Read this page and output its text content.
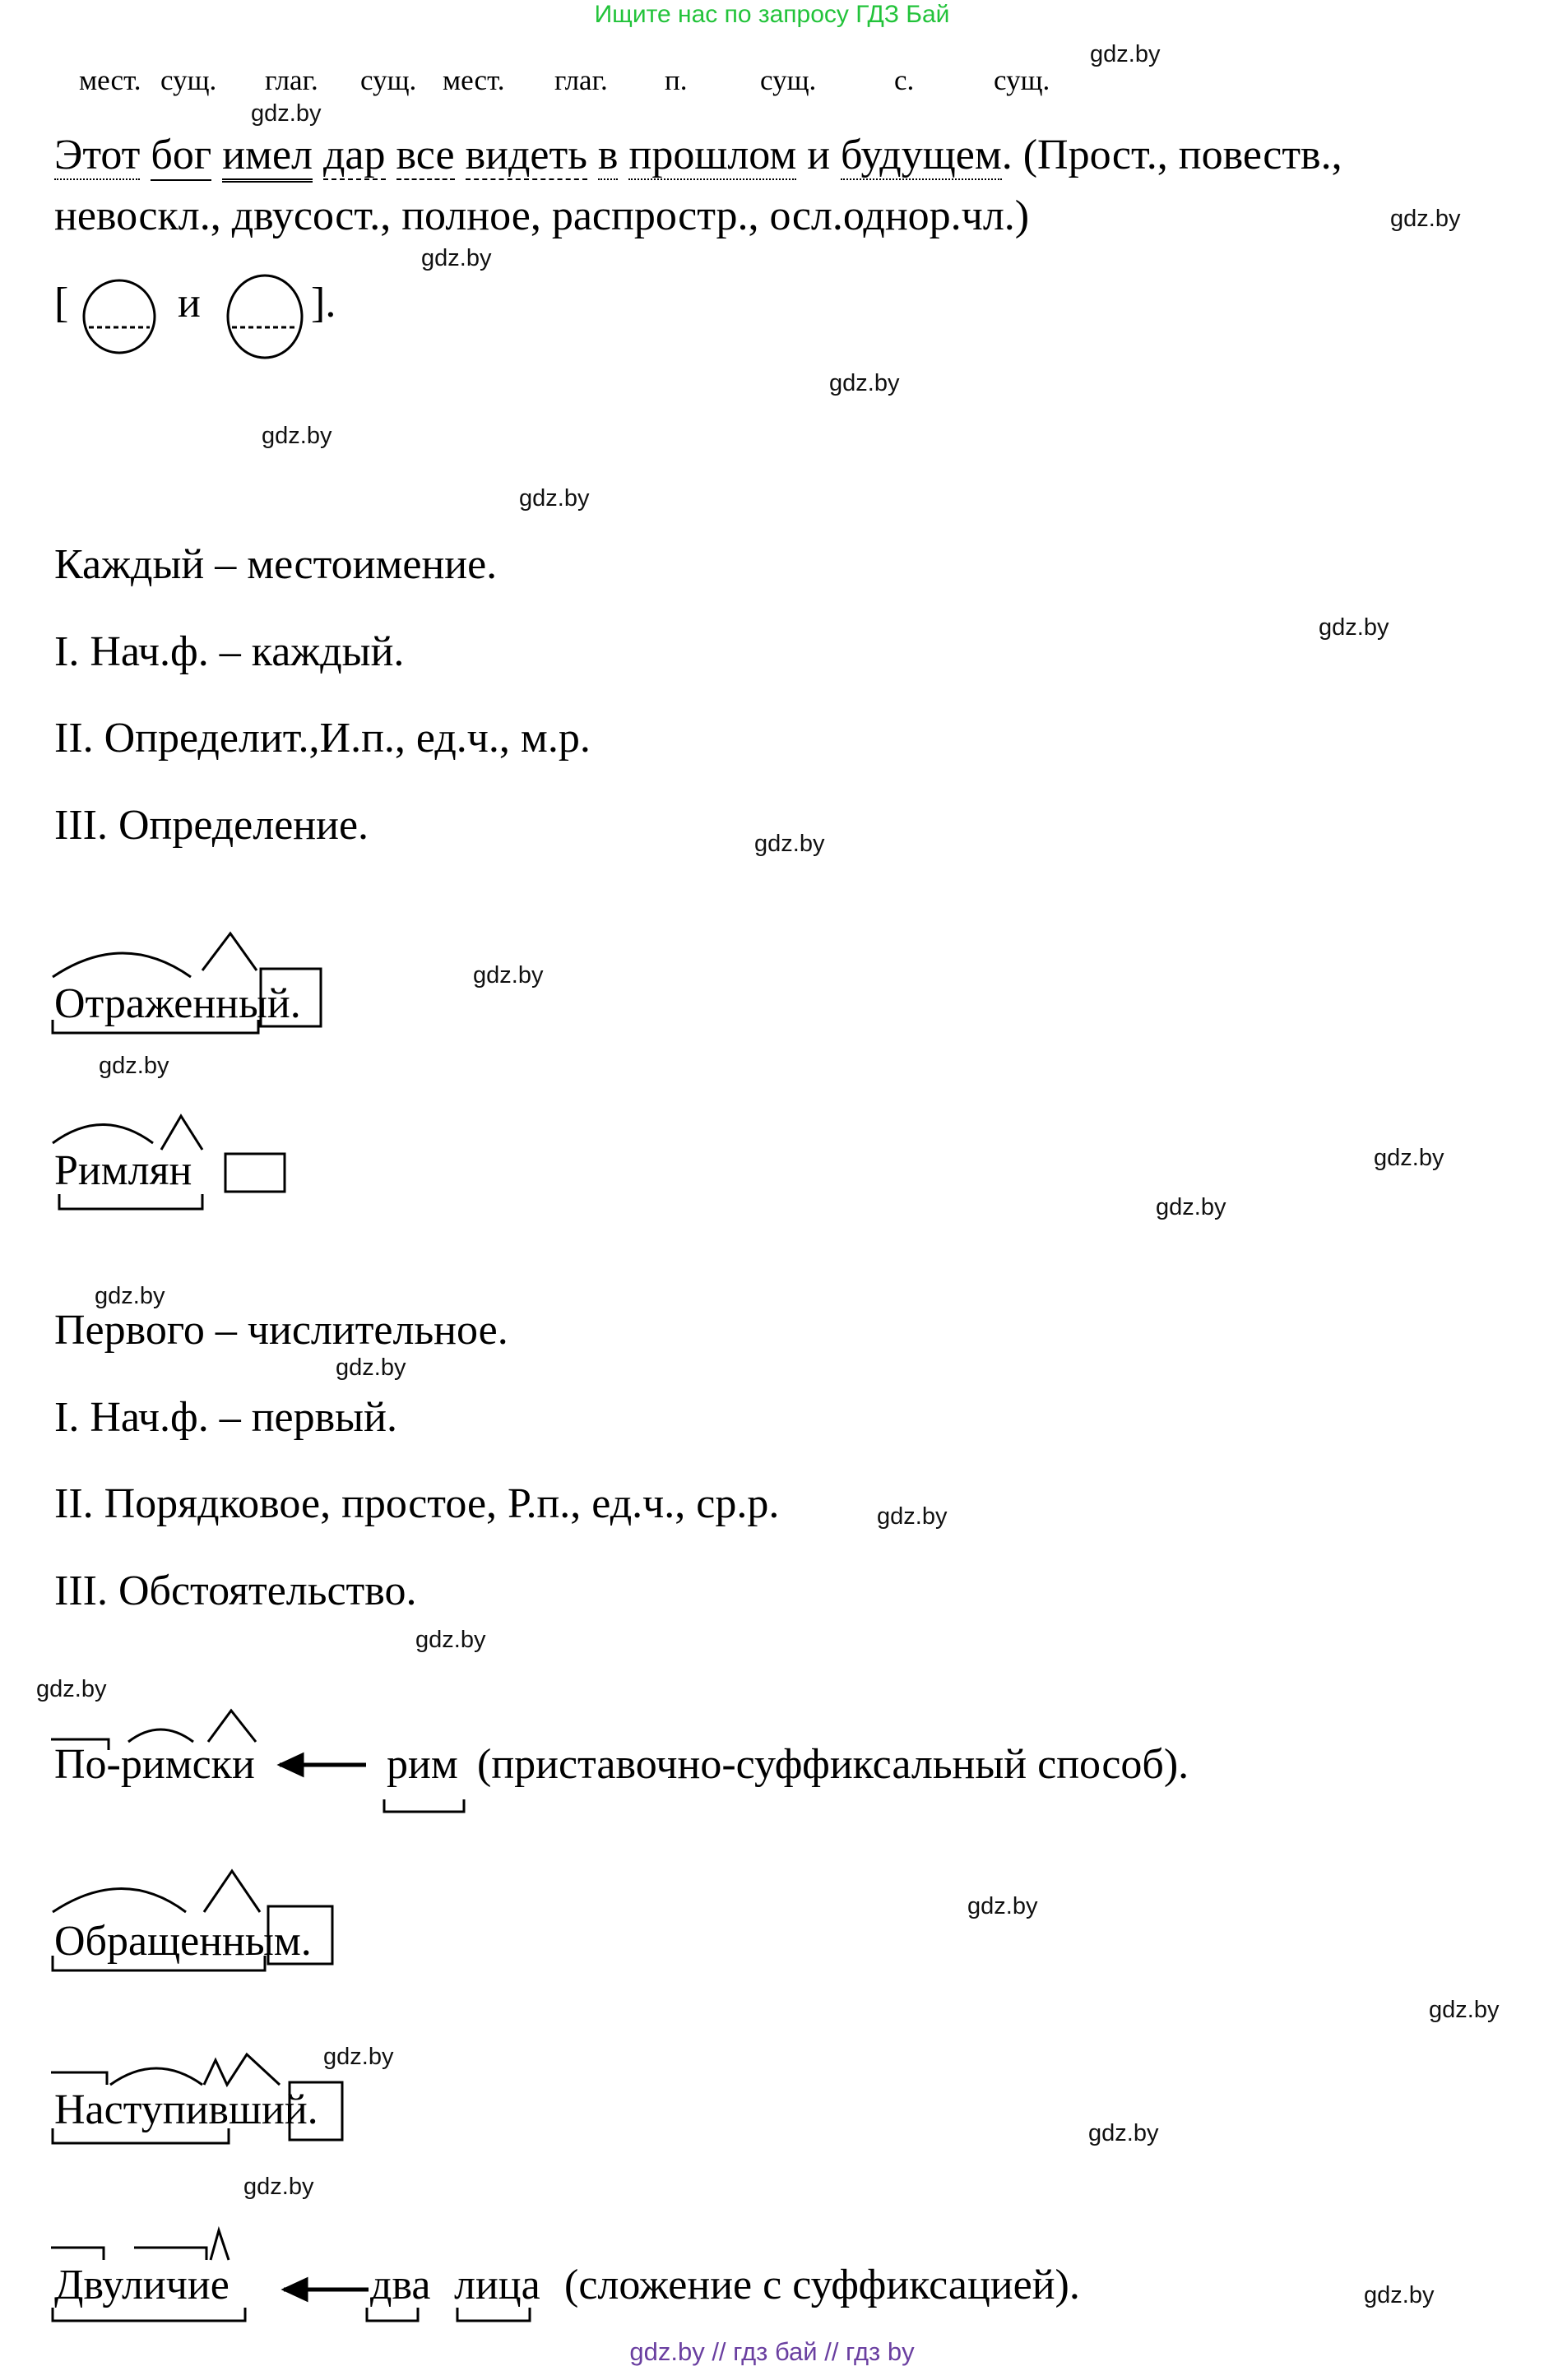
Ищите нас по запросу ГДЗ Бай
gdz.by
gdz.by
gdz.by
gdz.by
gdz.by
gdz.by
gdz.by
gdz.by
gdz.by
gdz.by
gdz.by
gdz.by
gdz.by
gdz.by
gdz.by
gdz.by
gdz.by
gdz.by
gdz.by
gdz.by
gdz.by
gdz.by
gdz.by
gdz.by
мест. сущ. глаг. сущ. мест. глаг. п.	сущ.	с.	сущ.
Этот бог имел дар все видеть в прошлом и будущем. (Прост., повеств.,
невоскл., двусост., полное, распростр., осл.однор.чл.)
[	и	].
Каждый – местоимение.
I. Нач.ф. – каждый.
II. Определит.,И.п., ед.ч., м.р.
III. Определение.
Отраженный.
Римлян
Первого – числительное.
I. Нач.ф. – первый.
II. Порядковое, простое, Р.п., ед.ч., ср.р.
III. Обстоятельство.
По-римски	рим (приставочно-суффиксальный способ).
Обращенным.
Наступивший.
Двуличие	два лица (сложение с суффиксацией).
gdz.by // гдз бай // гдз by
